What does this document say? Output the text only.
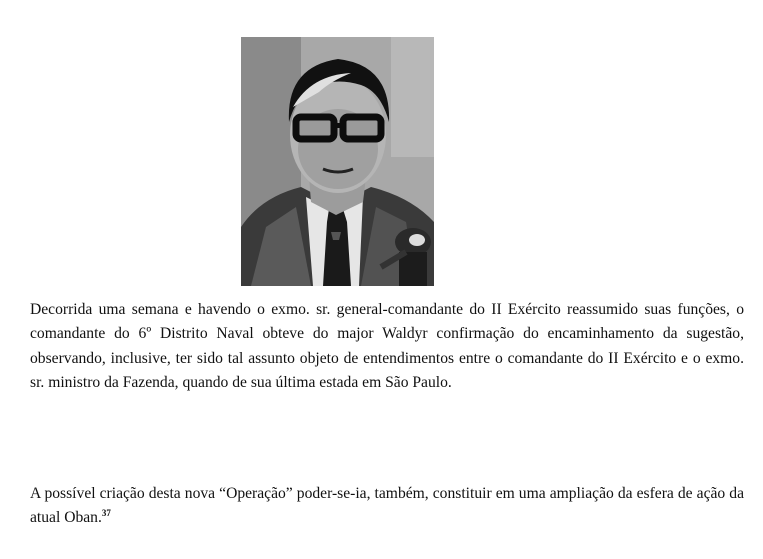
Decorrida uma semana e havendo o exmo. sr. general-comandante do II Exército reassumido suas funções, o comandante do 6º Distrito Naval obteve do major Waldyr confirmação do encaminhamento da sugestão, observando, inclusive, ter sido tal assunto objeto de entendimentos entre o comandante do II Exército e o exmo. sr. ministro da Fazenda, quando de sua última estada em São Paulo.

A possível criação desta nova “Operação” poder-se-ia, também, constituir em uma ampliação da esfera de ação da atual Oban.$^{37}$
